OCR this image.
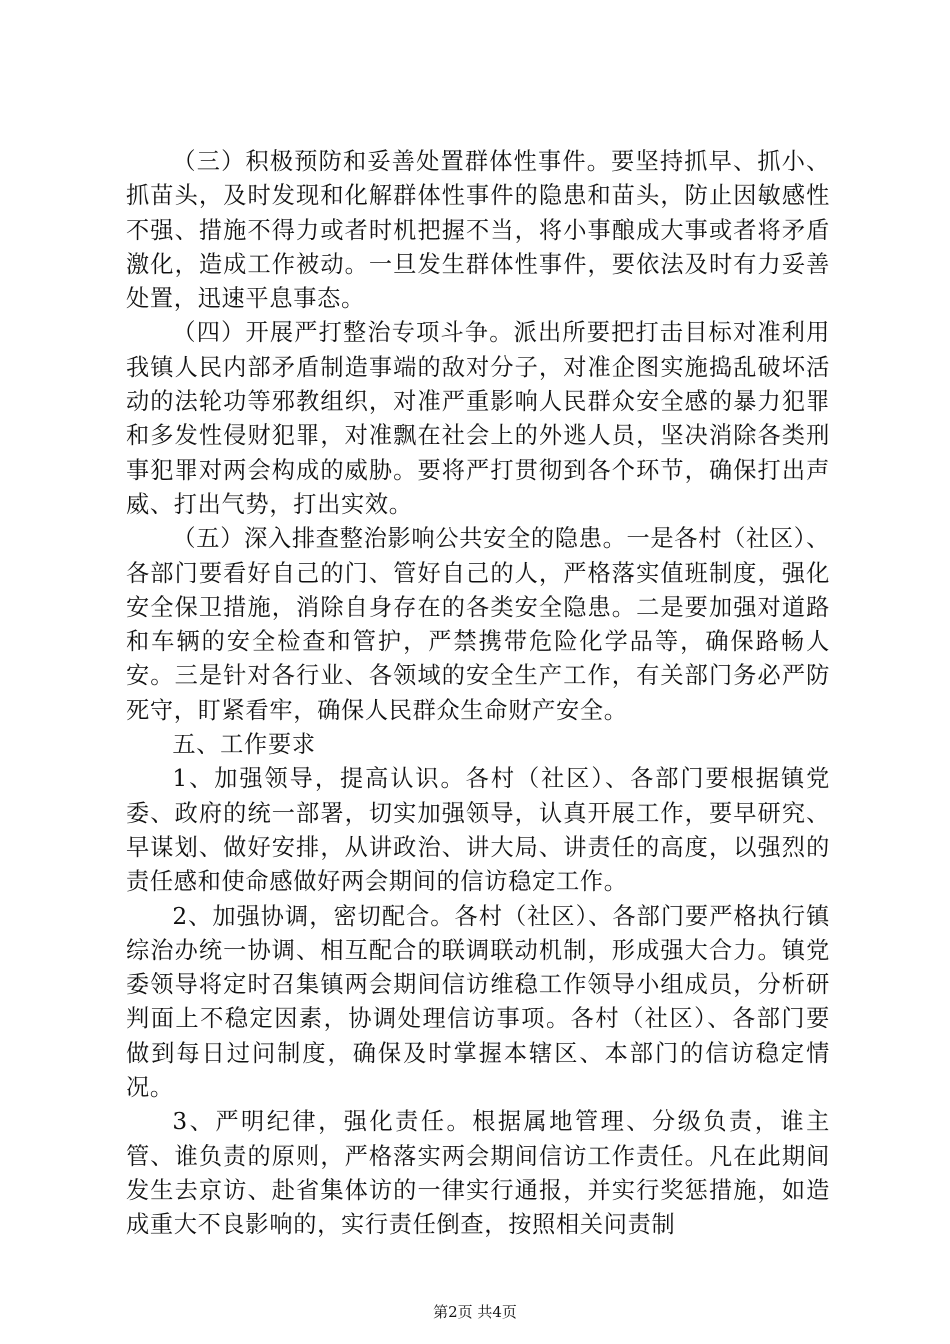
（三）积极预防和妥善处置群体性事件。要坚持抓早、抓小、抓苗头，及时发现和化解群体性事件的隐患和苗头，防止因敏感性不强、措施不得力或者时机把握不当，将小事酿成大事或者将矛盾激化，造成工作被动。一旦发生群体性事件，要依法及时有力妥善处置，迅速平息事态。

（四）开展严打整治专项斗争。派出所要把打击目标对准利用我镇人民内部矛盾制造事端的敌对分子，对准企图实施捣乱破坏活动的法轮功等邪教组织，对准严重影响人民群众安全感的暴力犯罪和多发性侵财犯罪，对准飘在社会上的外逃人员，坚决消除各类刑事犯罪对两会构成的威胁。要将严打贯彻到各个环节，确保打出声威、打出气势，打出实效。

（五）深入排查整治影响公共安全的隐患。一是各村（社区）、各部门要看好自己的门、管好自己的人，严格落实值班制度，强化安全保卫措施，消除自身存在的各类安全隐患。二是要加强对道路和车辆的安全检查和管护，严禁携带危险化学品等，确保路畅人安。三是针对各行业、各领域的安全生产工作，有关部门务必严防死守，盯紧看牢，确保人民群众生命财产安全。

五、工作要求

1、加强领导，提高认识。各村（社区）、各部门要根据镇党委、政府的统一部署，切实加强领导，认真开展工作，要早研究、早谋划、做好安排，从讲政治、讲大局、讲责任的高度，以强烈的责任感和使命感做好两会期间的信访稳定工作。

2、加强协调，密切配合。各村（社区）、各部门要严格执行镇综治办统一协调、相互配合的联调联动机制，形成强大合力。镇党委领导将定时召集镇两会期间信访维稳工作领导小组成员，分析研判面上不稳定因素，协调处理信访事项。各村（社区）、各部门要做到每日过问制度，确保及时掌握本辖区、本部门的信访稳定情况。

3、严明纪律，强化责任。根据属地管理、分级负责，谁主管、谁负责的原则，严格落实两会期间信访工作责任。凡在此期间发生去京访、赴省集体访的一律实行通报，并实行奖惩措施，如造成重大不良影响的，实行责任倒查，按照相关问责制

第2页 共4页
